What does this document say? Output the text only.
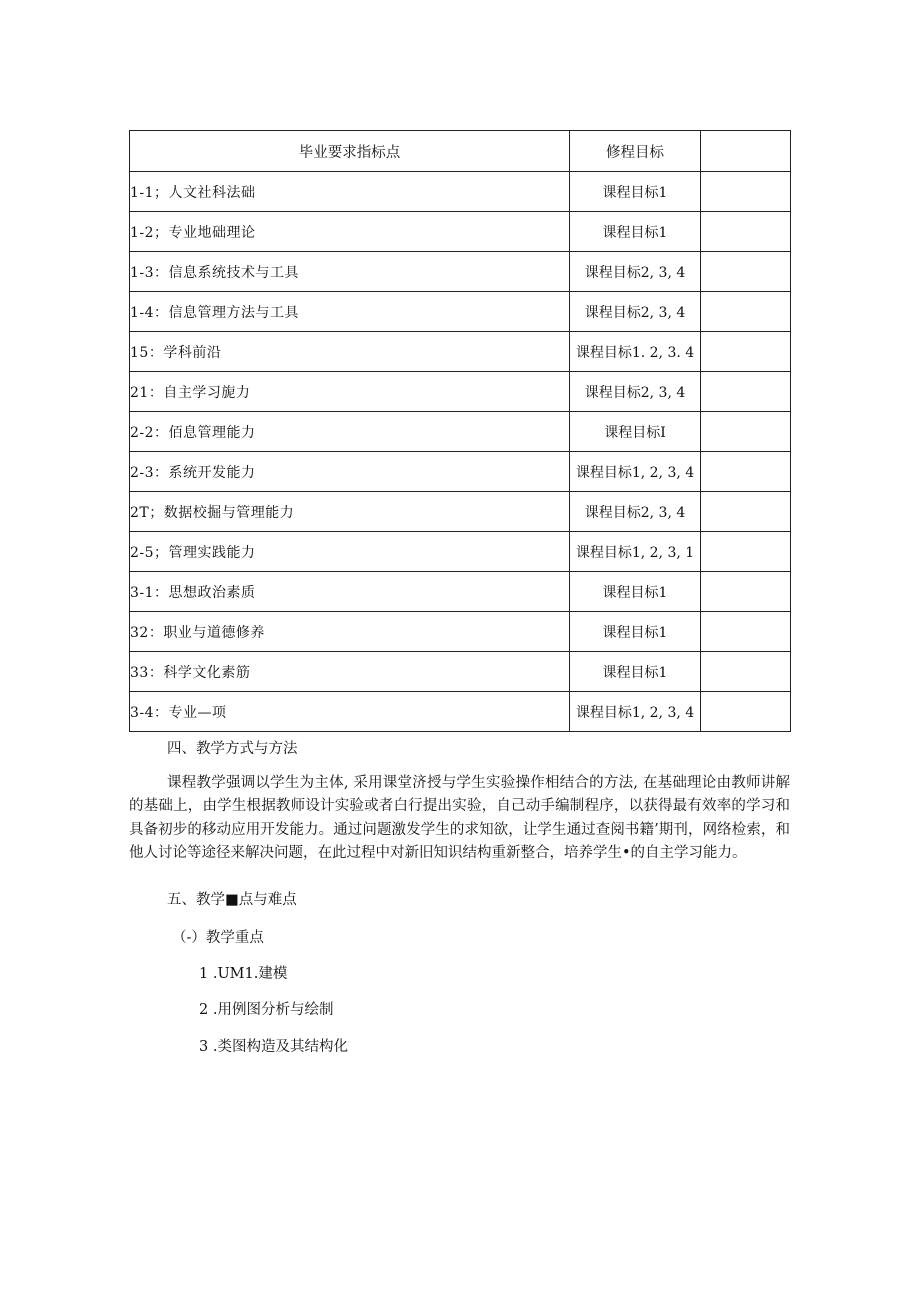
毕业要求指标点	修程目标	
1-1；人文社科法础	课程目标1	
1-2；专业地础理论	课程目标1	
1-3：信息系统技术与工具	课程目标2, 3, 4	
1-4：信息管理方法与工具	课程目标2, 3, 4	
15：学科前沿	课程目标1. 2, 3. 4	
21：自主学习旎力	课程目标2, 3, 4	
2-2：佰息管理能力	课程目标I	
2-3：系统开发能力	课程目标1, 2, 3, 4	
2T；数据校掘与管理能力	课程目标2, 3, 4	
2-5；管理实践能力	课程目标1, 2, 3, 1	
3-1：思想政治素质	课程目标1	
32：职业与道德修养	课程目标1	
33：科学文化素筋	课程目标1	
3-4：专业—项	课程目标1, 2, 3, 4	
四、教学方式与方法
课程教学强调以学生为主体, 采用课堂济授与学生实验操作相结合的方法, 在基础理论由教师讲解的基础上，由学生根据教师设计实验或者白行提出实验，自己动手编制程序，以获得最有效率的学习和具备初步的移动应用开发能力。通过问题激发学生的求知欲，让学生通过查阅书籍’期刊，网络检索，和他人讨论等途径来解决问题，在此过程中对新旧知识结构重新整合，培养学生•的自主学习能力。
五、教学■点与难点
（-）教学重点
1 .UM1.建模
2 .用例图分析与绘制
3 .类图构造及其结构化
